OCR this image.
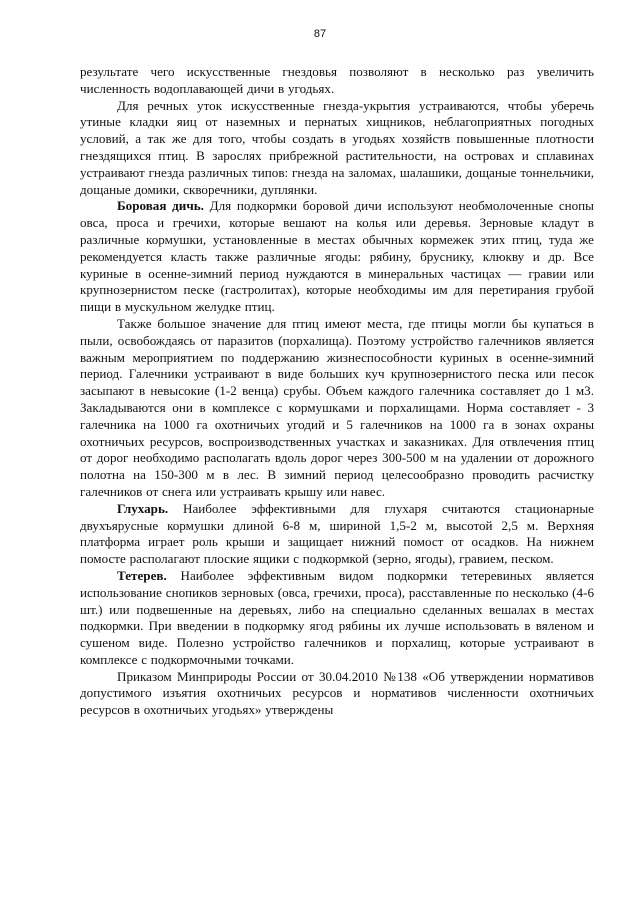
87

результате чего искусственные гнездовья позволяют в несколько раз увеличить численность водоплавающей дичи в угодьях.

Для речных уток искусственные гнезда-укрытия устраиваются, чтобы уберечь утиные кладки яиц от наземных и пернатых хищников, неблагоприятных погодных условий, а так же для того, чтобы создать в угодьях хозяйств повышенные плотности гнездящихся птиц. В зарослях прибрежной растительности, на островах и сплавинах устраивают гнезда различных типов: гнезда на заломах, шалашики, дощаные тоннельчики, дощаные домики, скворечники, дуплянки.

Боровая дичь. Для подкормки боровой дичи используют необмолоченные снопы овса, проса и гречихи, которые вешают на колья или деревья. Зерновые кладут в различные кормушки, установленные в местах обычных кормежек этих птиц, туда же рекомендуется класть также различные ягоды: рябину, бруснику, клюкву и др. Все куриные в осенне-зимний период нуждаются в минеральных частицах — гравии или крупнозернистом песке (гастролитах), которые необходимы им для перетирания грубой пищи в мускульном желудке птиц.

Также большое значение для птиц имеют места, где птицы могли бы купаться в пыли, освобождаясь от паразитов (порхалища). Поэтому устройство галечников является важным мероприятием по поддержанию жизнеспособности куриных в осенне-зимний период. Галечники устраивают в виде больших куч крупнозернистого песка или песок засыпают в невысокие (1-2 венца) срубы. Объем каждого галечника составляет до 1 м3. Закладываются они в комплексе с кормушками и порхалищами. Норма составляет - 3 галечника на 1000 га охотничьих угодий и 5 галечников на 1000 га в зонах охраны охотничьих ресурсов, воспроизводственных участках и заказниках. Для отвлечения птиц от дорог необходимо располагать вдоль дорог через 300-500 м на удалении от дорожного полотна на 150-300 м в лес. В зимний период целесообразно проводить расчистку галечников от снега или устраивать крышу или навес.

Глухарь. Наиболее эффективными для глухаря считаются стационарные двухъярусные кормушки длиной 6-8 м, шириной 1,5-2 м, высотой 2,5 м. Верхняя платформа играет роль крыши и защищает нижний помост от осадков. На нижнем помосте располагают плоские ящики с подкормкой (зерно, ягоды), гравием, песком.

Тетерев. Наиболее эффективным видом подкормки тетеревиных является использование снопиков зерновых (овса, гречихи, проса), расставленные по несколько (4-6 шт.) или подвешенные на деревьях, либо на специально сделанных вешалах в местах подкормки. При введении в подкормку ягод рябины их лучше использовать в вяленом и сушеном виде. Полезно устройство галечников и порхалищ, которые устраивают в комплексе с подкормочными точками.

Приказом Минприроды России от 30.04.2010 №138 «Об утверждении нормативов допустимого изъятия охотничьих ресурсов и нормативов численности охотничьих ресурсов в охотничьих угодьях» утверждены
